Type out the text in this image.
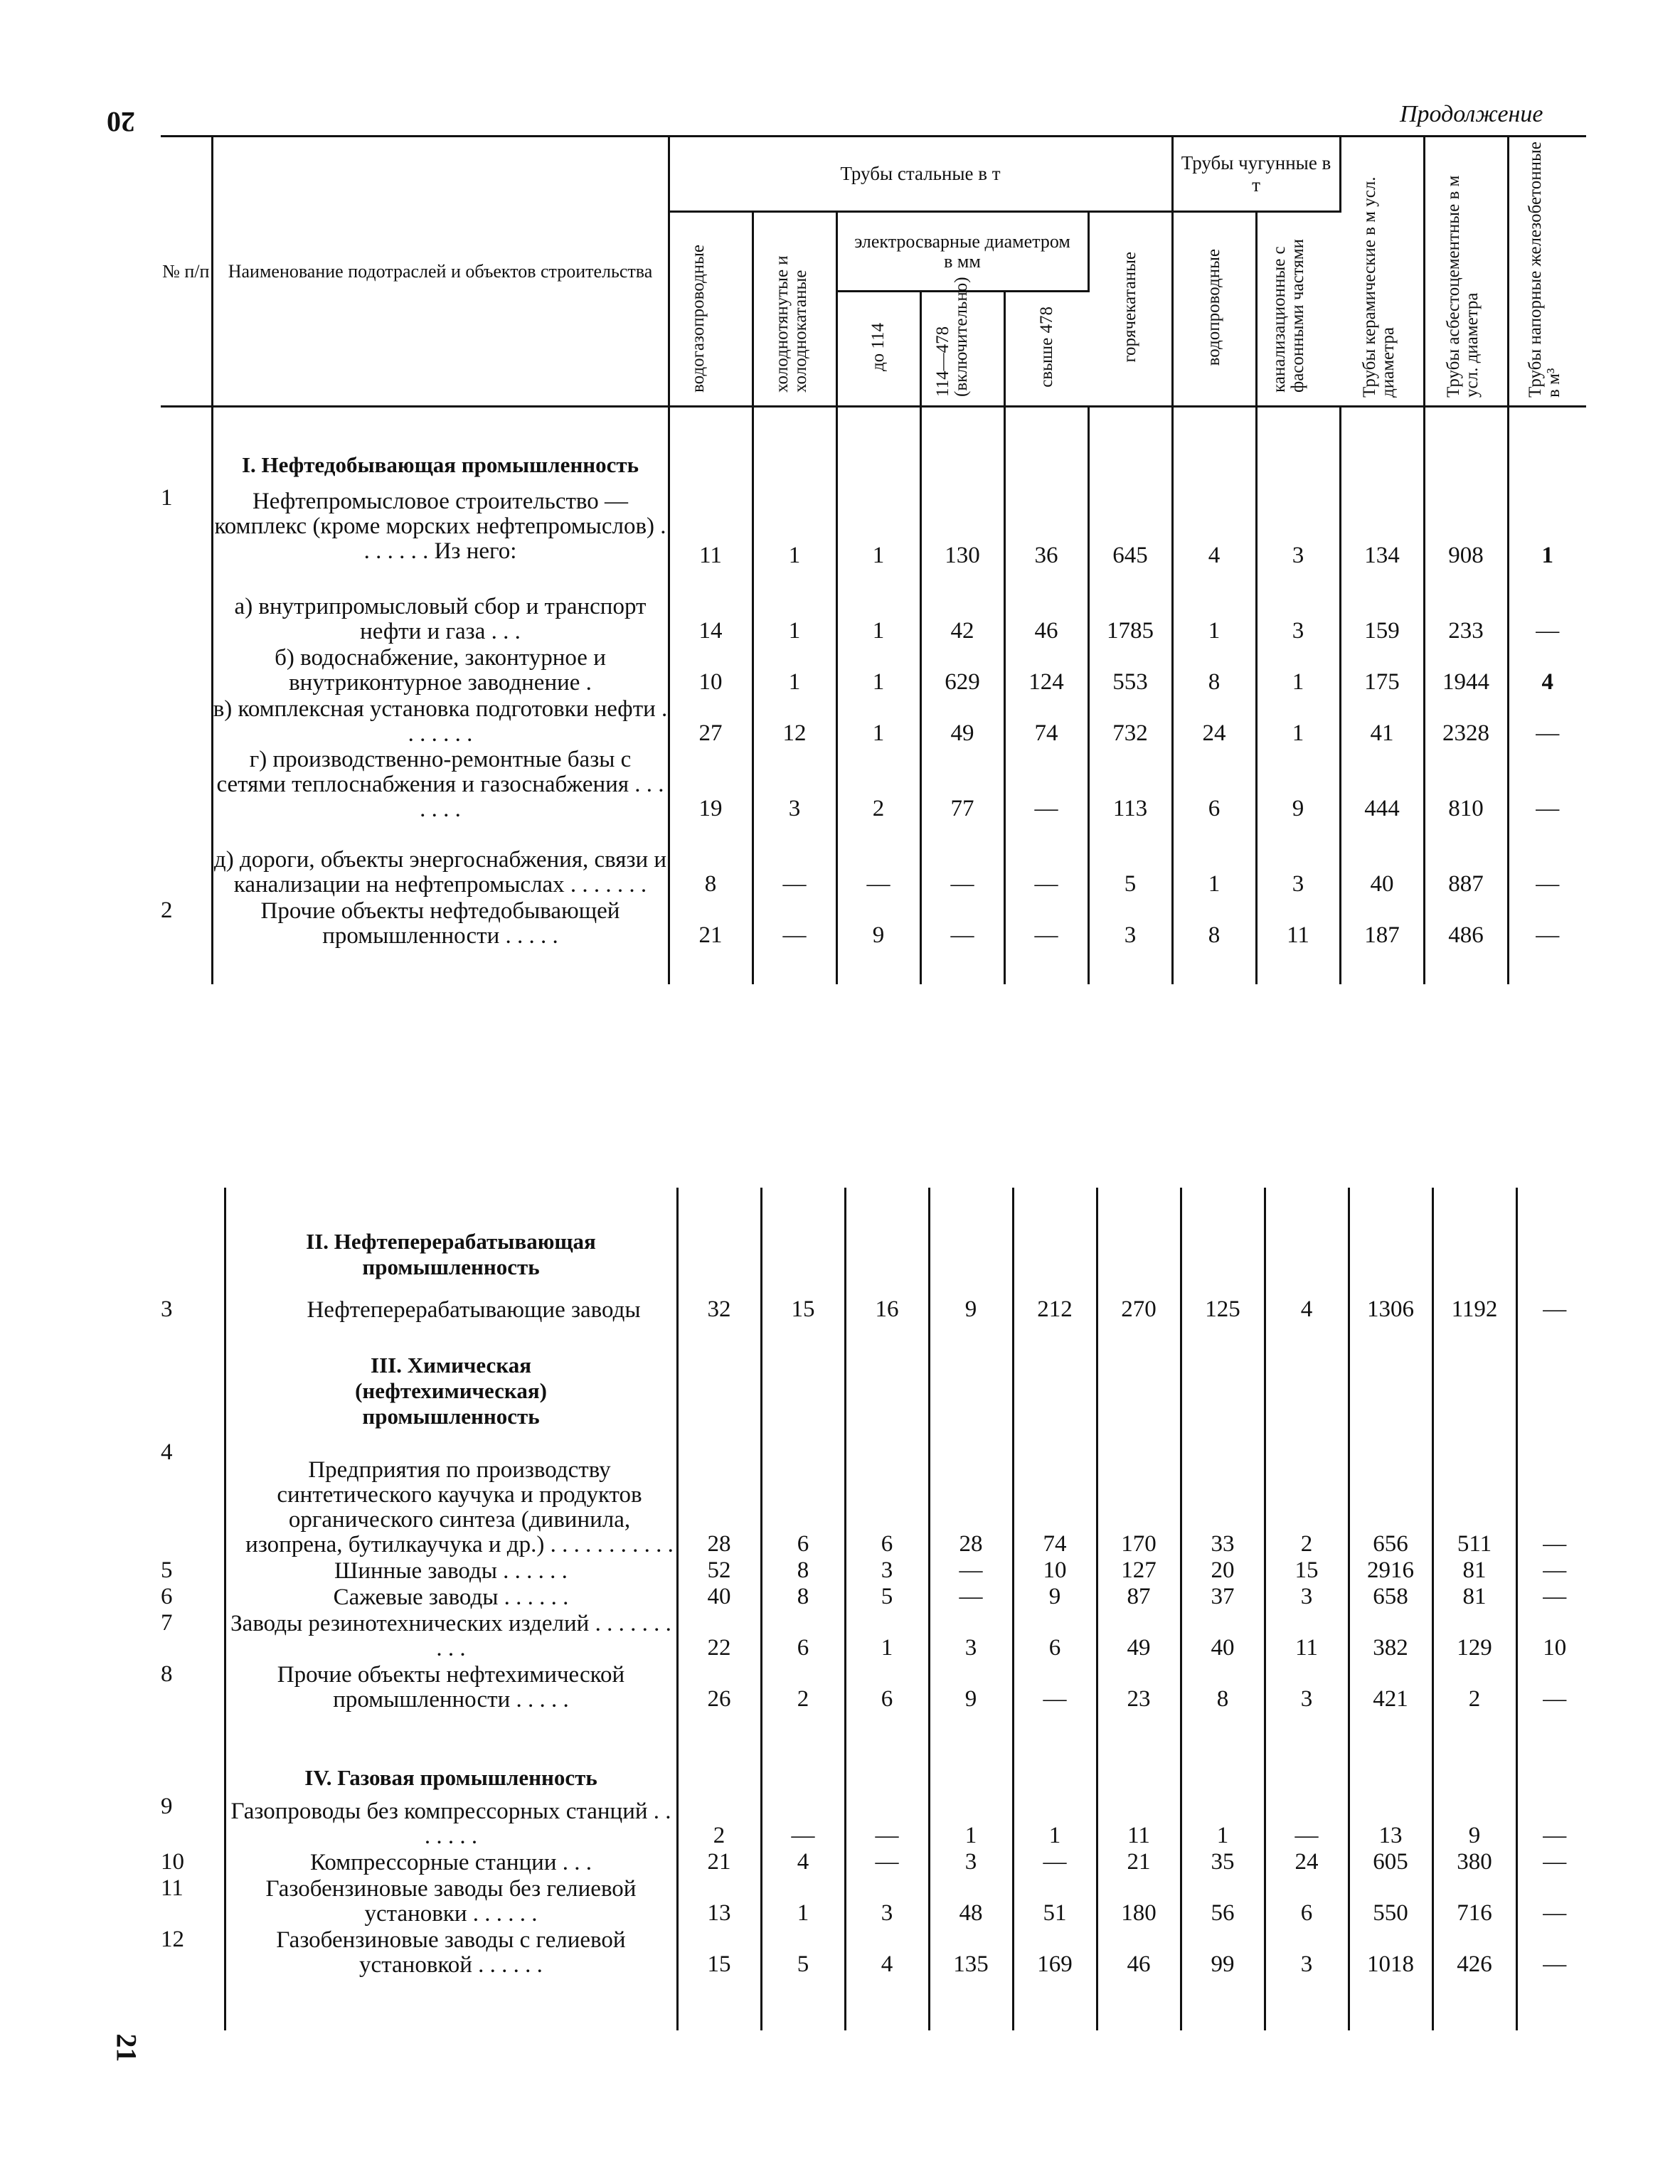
20	Продолжение
№ п/п	Наименование подотраслей и объектов строительства	Трубы стальные в т						Трубы чугунные в т		Трубы керамические в м усл. диаметра	Трубы асбестоцементные в м усл. диаметра	Трубы напорные железобетонные в м³
		водогазопроводные	холоднотянутые и холоднокатаные	электросварные диаметром в мм			горячекатаные	водопроводные	канализационные с фасонными частями			
				до 114	114—478 (включительно)	свыше 478						

	I. Нефтедобывающая промышленность											

1	Нефтепромысловое строительство — комплекс (кроме морских нефтепромыслов) . . . . . . . Из него:	11	1	1	130	36	645	4	3	134	908	1
	а) внутрипромысловый сбор и транспорт нефти и газа . . .	14	1	1	42	46	1785	1	3	159	233	—
	б) водоснабжение, законтурное и внутриконтурное заводнение .	10	1	1	629	124	553	8	1	175	1944	4
	в) комплексная установка подготовки нефти . . . . . . .	27	12	1	49	74	732	24	1	41	2328	—
	г) производственно-ремонтные базы с сетями теплоснабжения и газоснабжения . . . . . . .	19	3	2	77	—	113	6	9	444	810	—
	д) дороги, объекты энергоснабжения, связи и канализации на нефтепромыслах . . . . . . .	8	—	—	—	—	5	1	3	40	887	—
2	Прочие объекты нефтедобывающей промышленности . . . . .	21	—	9	—	—	3	8	11	187	486	—

	II. Нефтеперерабатывающая промышленность											

3	Нефтеперерабатывающие заводы	32	15	16	9	212	270	125	4	1306	1192	—

	III. Химическая (нефтехимическая) промышленность											

4	Предприятия по производству синтетического каучука и продуктов органического синтеза (дивинила, изопрена, бутилкаучука и др.) . . . . . . . . . . .	28	6	6	28	74	170	33	2	656	511	—
5	Шинные заводы . . . . . .	52	8	3	—	10	127	20	15	2916	81	—
6	Сажевые заводы . . . . . .	40	8	5	—	9	87	37	3	658	81	—
7	Заводы резинотехнических изделий . . . . . . . . . .	22	6	1	3	6	49	40	11	382	129	10
8	Прочие объекты нефтехимической промышленности . . . . .	26	2	6	9	—	23	8	3	421	2	—

	IV. Газовая промышленность											

9	Газопроводы без компрессорных станций . . . . . . .	2	—	—	1	1	11	1	—	13	9	—
10	Компрессорные станции . . .	21	4	—	3	—	21	35	24	605	380	—
11	Газобензиновые заводы без гелиевой установки . . . . . .	13	1	3	48	51	180	56	6	550	716	—
12	Газобензиновые заводы с гелиевой установкой . . . . . .	15	5	4	135	169	46	99	3	1018	426	—

21
